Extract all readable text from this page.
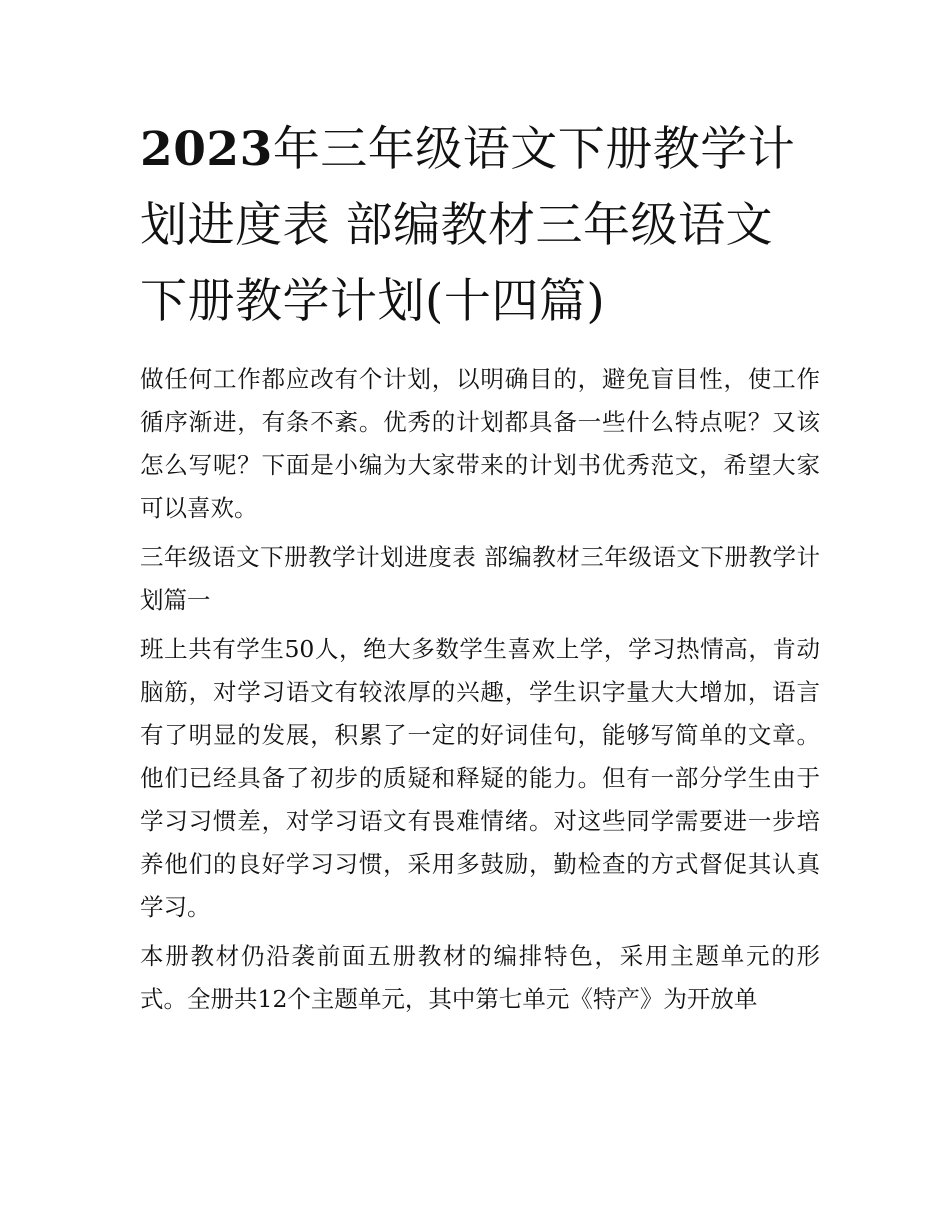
2023年三年级语文下册教学计划进度表 部编教材三年级语文下册教学计划(十四篇)

做任何工作都应改有个计划，以明确目的，避免盲目性，使工作循序渐进，有条不紊。优秀的计划都具备一些什么特点呢？又该怎么写呢？下面是小编为大家带来的计划书优秀范文，希望大家可以喜欢。

三年级语文下册教学计划进度表 部编教材三年级语文下册教学计划篇一

班上共有学生50人，绝大多数学生喜欢上学，学习热情高，肯动脑筋，对学习语文有较浓厚的兴趣，学生识字量大大增加，语言有了明显的发展，积累了一定的好词佳句，能够写简单的文章。他们已经具备了初步的质疑和释疑的能力。但有一部分学生由于学习习惯差，对学习语文有畏难情绪。对这些同学需要进一步培养他们的良好学习习惯，采用多鼓励，勤检查的方式督促其认真学习。

本册教材仍沿袭前面五册教材的编排特色，采用主题单元的形式。全册共12个主题单元，其中第七单元《特产》为开放单
